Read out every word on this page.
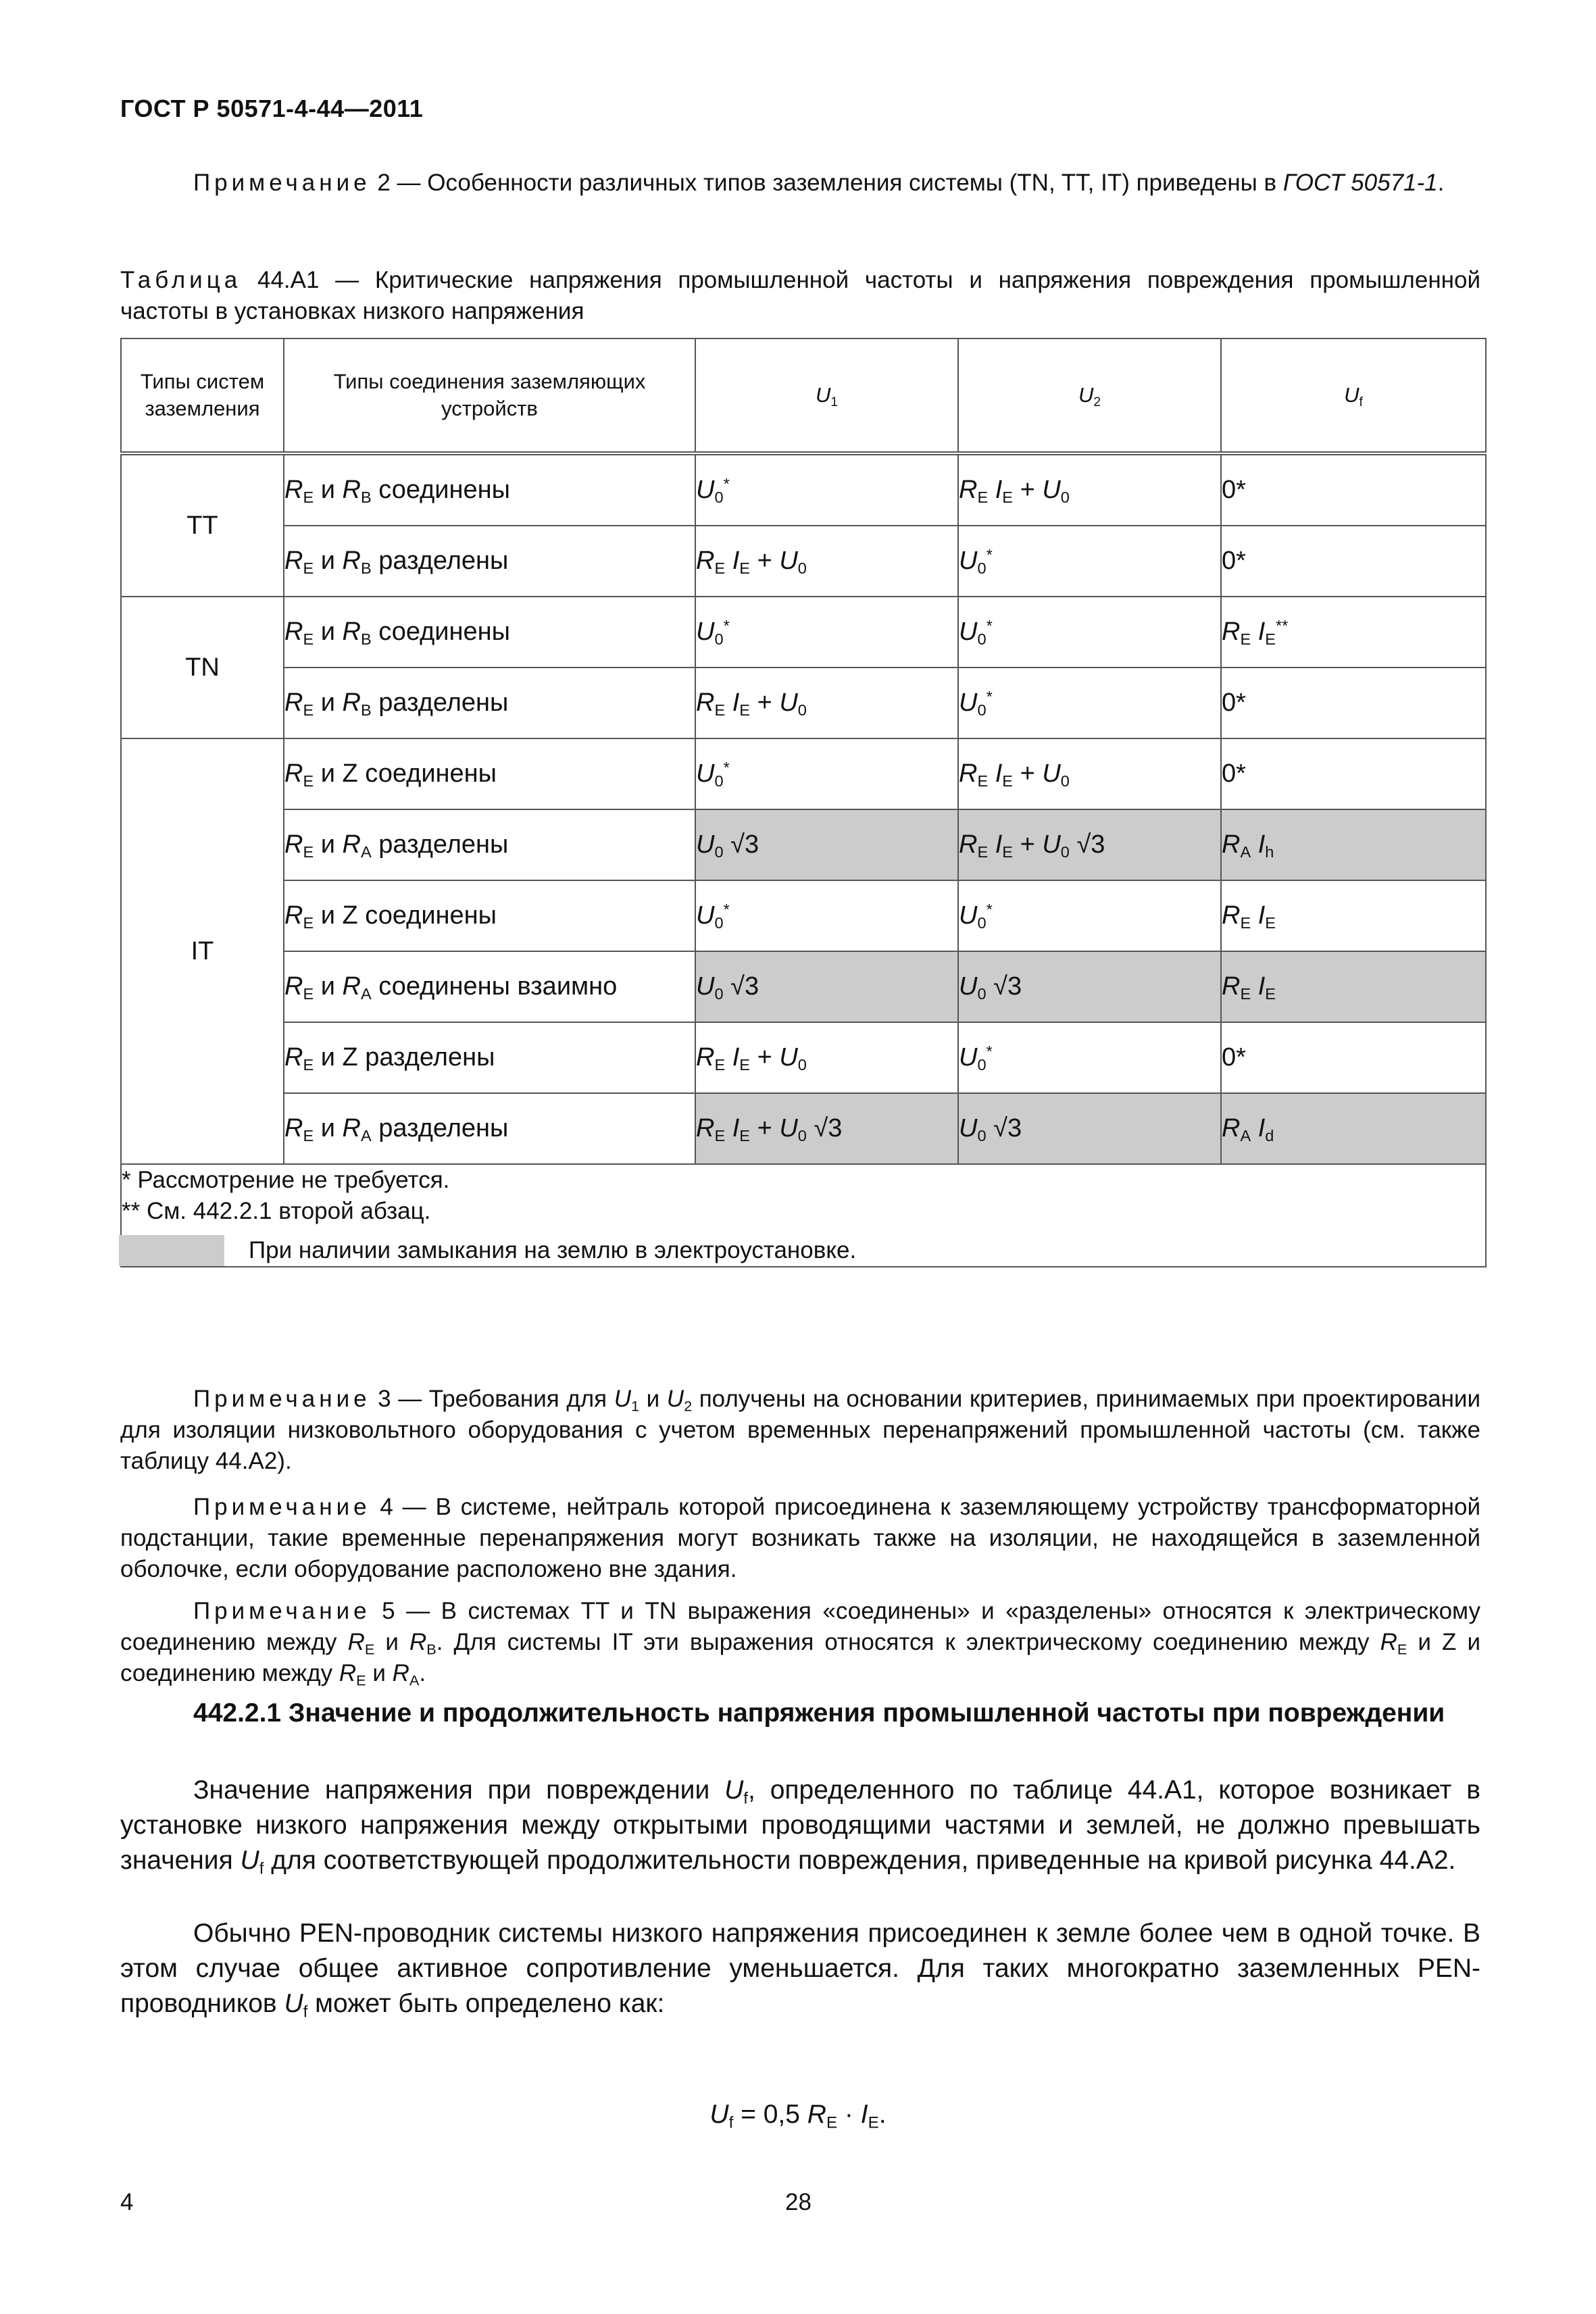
ГОСТ Р 50571-4-44—2011
Примечание 2 — Особенности различных типов заземления системы (TN, TT, IT) приведены в ГОСТ 50571-1.
Таблица 44.A1 — Критические напряжения промышленной частоты и напряжения повреждения промышленной частоты в установках низкого напряжения
Типы систем заземления	Типы соединения заземляющих устройств	$U_1$	$U_2$	$U_f$
TT	$R_E$ и $R_B$ соединены	$U_0^*$	$R_E$ $I_E + U_0$	0*
	$R_E$ и $R_B$ разделены	$R_E$ $I_E + U_0$	$U_0^*$	0*
TN	$R_E$ и $R_B$ соединены	$U_0^*$	$U_0^*$	$R_E$ $I_E^{**}$
	$R_E$ и $R_B$ разделены	$R_E$ $I_E + U_0$	$U_0^*$	0*
IT	$R_E$ и Z соединены	$U_0^*$	$R_E$ $I_E + U_0$	0*
	$R_E$ и $R_A$ разделены	$U_0$ √3	$R_E$ $I_E + U_0$ √3	$R_A$ $I_h$
	$R_E$ и Z соединены	$U_0^*$	$U_0^*$	$R_E$ $I_E$
	$R_E$ и $R_A$ соединены взаимно	$U_0$ √3	$U_0$ √3	$R_E$ $I_E$
	$R_E$ и Z разделены	$R_E$ $I_E + U_0$	$U_0^*$	0*
	$R_E$ и $R_A$ разделены	$R_E$ $I_E + U_0$ √3	$U_0$ √3	$R_A$ $I_d$

* Рассмотрение не требуется.
** См. 442.2.1 второй абзац.
При наличии замыкания на землю в электроустановке.				
Примечание 3 — Требования для $U_1$ и $U_2$ получены на основании критериев, принимаемых при проектировании для изоляции низковольтного оборудования с учетом временных перенапряжений промышленной частоты (см. также таблицу 44.A2).
Примечание 4 — В системе, нейтраль которой присоединена к заземляющему устройству трансформаторной подстанции, такие временные перенапряжения могут возникать также на изоляции, не находящейся в заземленной оболочке, если оборудование расположено вне здания.
Примечание 5 — В системах TT и TN выражения «соединены» и «разделены» относятся к электрическому соединению между $R_E$ и $R_B$. Для системы IT эти выражения относятся к электрическому соединению между $R_E$ и Z и соединению между $R_E$ и $R_A$.
442.2.1 Значение и продолжительность напряжения промышленной частоты при повреждении
Значение напряжения при повреждении $U_f$, определенного по таблице 44.A1, которое возникает в установке низкого напряжения между открытыми проводящими частями и землей, не должно превышать значения $U_f$ для соответствующей продолжительности повреждения, приведенные на кривой рисунка 44.A2.
Обычно PEN-проводник системы низкого напряжения присоединен к земле более чем в одной точке. В этом случае общее активное сопротивление уменьшается. Для таких многократно заземленных PEN-проводников $U_f$ может быть определено как:
$U_f = 0,5$ $R_E \cdot I_E$.
4	28
